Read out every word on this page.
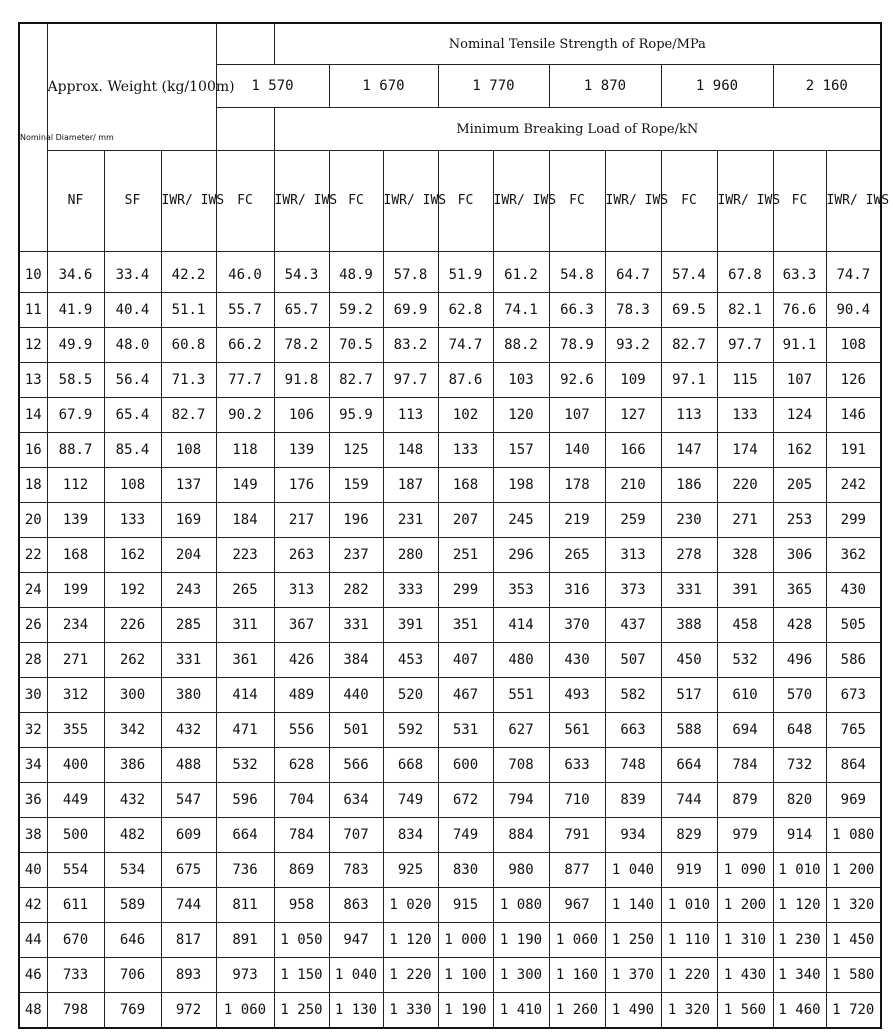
Nominal Diameter/ mm	Approx. Weight (kg/100m)				Nominal Tensile Strength of Rope/MPa										
				1 570		1 670		1 770		1 870		1 960		2 160	
					Minimum Breaking Load of Rope/kN										
	NF	SF	IWR/ IWS	FC	IWR/ IWS	FC	IWR/ IWS	FC	IWR/ IWS	FC	IWR/ IWS	FC	IWR/ IWS	FC	IWR/ IWS
10	34.6	33.4	42.2	46.0	54.3	48.9	57.8	51.9	61.2	54.8	64.7	57.4	67.8	63.3	74.7
11	41.9	40.4	51.1	55.7	65.7	59.2	69.9	62.8	74.1	66.3	78.3	69.5	82.1	76.6	90.4
12	49.9	48.0	60.8	66.2	78.2	70.5	83.2	74.7	88.2	78.9	93.2	82.7	97.7	91.1	108
13	58.5	56.4	71.3	77.7	91.8	82.7	97.7	87.6	103	92.6	109	97.1	115	107	126
14	67.9	65.4	82.7	90.2	106	95.9	113	102	120	107	127	113	133	124	146
16	88.7	85.4	108	118	139	125	148	133	157	140	166	147	174	162	191
18	112	108	137	149	176	159	187	168	198	178	210	186	220	205	242
20	139	133	169	184	217	196	231	207	245	219	259	230	271	253	299
22	168	162	204	223	263	237	280	251	296	265	313	278	328	306	362
24	199	192	243	265	313	282	333	299	353	316	373	331	391	365	430
26	234	226	285	311	367	331	391	351	414	370	437	388	458	428	505
28	271	262	331	361	426	384	453	407	480	430	507	450	532	496	586
30	312	300	380	414	489	440	520	467	551	493	582	517	610	570	673
32	355	342	432	471	556	501	592	531	627	561	663	588	694	648	765
34	400	386	488	532	628	566	668	600	708	633	748	664	784	732	864
36	449	432	547	596	704	634	749	672	794	710	839	744	879	820	969
38	500	482	609	664	784	707	834	749	884	791	934	829	979	914	1 080
40	554	534	675	736	869	783	925	830	980	877	1 040	919	1 090	1 010	1 200
42	611	589	744	811	958	863	1 020	915	1 080	967	1 140	1 010	1 200	1 120	1 320
44	670	646	817	891	1 050	947	1 120	1 000	1 190	1 060	1 250	1 110	1 310	1 230	1 450
46	733	706	893	973	1 150	1 040	1 220	1 100	1 300	1 160	1 370	1 220	1 430	1 340	1 580
48	798	769	972	1 060	1 250	1 130	1 330	1 190	1 410	1 260	1 490	1 320	1 560	1 460	1 720
